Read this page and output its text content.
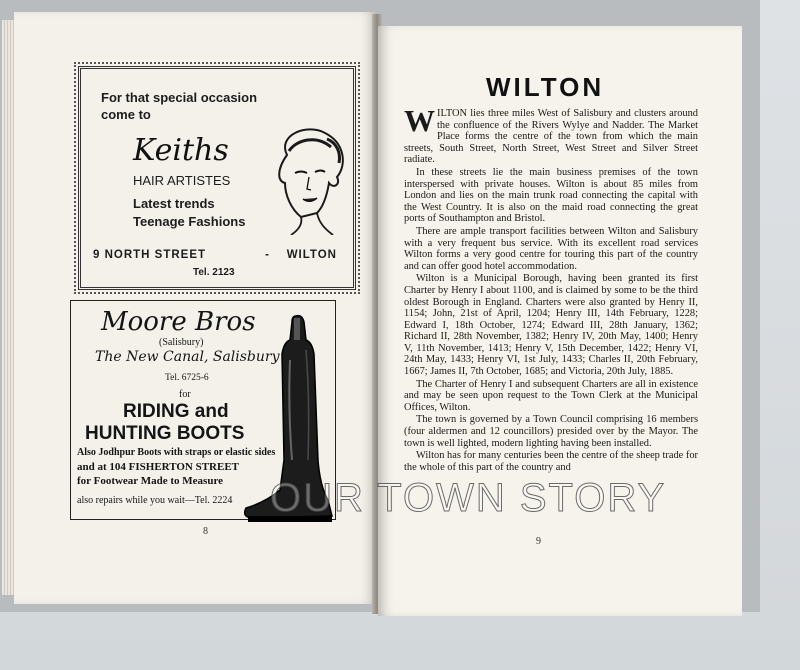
For that special occasion come to
Keiths
HAIR ARTISTES
Latest trends Teenage Fashions
9 NORTH STREET	- WILTON
Tel. 2123
Moore Bros
(Salisbury)
The New Canal, Salisbury
Tel. 6725-6
for
RIDING and
HUNTING BOOTS
Also Jodhpur Boots with straps or elastic sides
and at 104 FISHERTON STREET
for Footwear Made to Measure
also repairs while you wait—Tel. 2224
8
WILTON

WILTON lies three miles West of Salisbury and clusters around the confluence of the Rivers Wylye and Nadder. The Market Place forms the centre of the town from which the main streets, South Street, North Street, West Street and Silver Street radiate.

In these streets lie the main business premises of the town interspersed with private houses. Wilton is about 85 miles from London and lies on the main trunk road connecting the capital with the West Country. It is also on the maid road connecting the great ports of Southampton and Bristol.

There are ample transport facilities between Wilton and Salisbury with a very frequent bus service. With its excellent road services Wilton forms a very good centre for touring this part of the country and can offer good hotel accommodation.

Wilton is a Municipal Borough, having been granted its first Charter by Henry I about 1100, and is claimed by some to be the third oldest Borough in England. Charters were also granted by Henry II, 1154; John, 21st of April, 1204; Henry III, 14th February, 1228; Edward I, 18th October, 1274; Edward III, 28th January, 1362; Richard II, 28th November, 1382; Henry IV, 20th May, 1400; Henry V, 11th November, 1413; Henry V, 15th December, 1422; Henry VI, 24th May, 1433; Henry VI, 1st July, 1433; Charles II, 20th February, 1667; James II, 7th October, 1685; and Victoria, 20th July, 1885.

The Charter of Henry I and subsequent Charters are all in existence and may be seen upon request to the Town Clerk at the Municipal Offices, Wilton.

The town is governed by a Town Council comprising 16 members (four aldermen and 12 councillors) presided over by the Mayor. The town is well lighted, modern lighting having been installed.

Wilton has for many centuries been the centre of the sheep trade for the whole of this part of the country and

9
OUR TOWN STORY
